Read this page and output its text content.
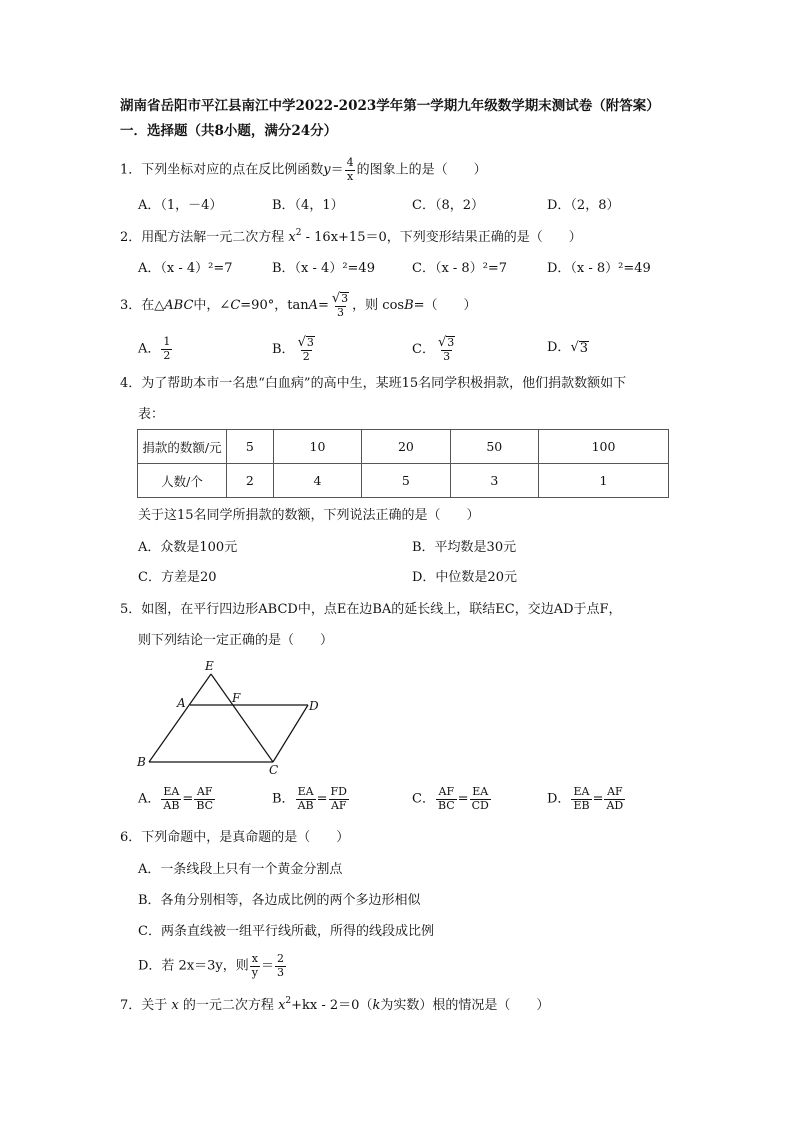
湖南省岳阳市平江县南江中学2022-2023学年第一学期九年级数学期末测试卷（附答案）
一．选择题（共8小题，满分24分）
1．下列坐标对应的点在反比例函数$y= \frac{4}{x}$ 的图象上的是（　　）
A．（1，－4）	B．（4，1）	C．（8，2）	D．（2，8）
2．用配方法解一元二次方程 $x^2 - 16x+15=0$，下列变形结果正确的是（　　）
A．（x - 4）²=7	B．（x - 4）²=49	C．（x - 8）²=7	D．（x - 8）²=49
3．在△ABC中，∠C=90°，$\tan A= \frac{√ 3}{3}$ ，则 cosB=（　　）
A． $\frac{1}{2}$	B． $\frac{√ 3}{2}$	C． $\frac{√ 3}{3}$	D． √ 3
4．为了帮助本市一名患“白血病”的高中生，某班15名同学积极捐款，他们捐款数额如下
表：
捐款的数额/元	5	10	20	50	100
人数/个	2	4	5	3	1
关于这15名同学所捐款的数额，下列说法正确的是（　　）
A．众数是100元	B．平均数是30元
C．方差是20	D．中位数是20元
5．如图，在平行四边形ABCD中，点E在边BA的延长线上，联结EC，交边AD于点F，
则下列结论一定正确的是（　　）
E
A	F
D
B
C
A． $\frac{EA}{AB} = \frac{AF}{BC}$	B． $\frac{EA}{AB} = \frac{FD}{AF}$	C． $\frac{AF}{BC} = \frac{EA}{CD}$	D． $\frac{EA}{EB} = \frac{AF}{AD}$
6．下列命题中，是真命题的是（　　）
A．一条线段上只有一个黄金分割点
B．各角分别相等，各边成比例的两个多边形相似
C．两条直线被一组平行线所截，所得的线段成比例
D．若 2x＝3y，则 $\frac{x}{y} = \frac{2}{3}$
7．关于 x 的一元二次方程 $x^2+kx - 2=0(k$为实数）根的情况是（　　）
